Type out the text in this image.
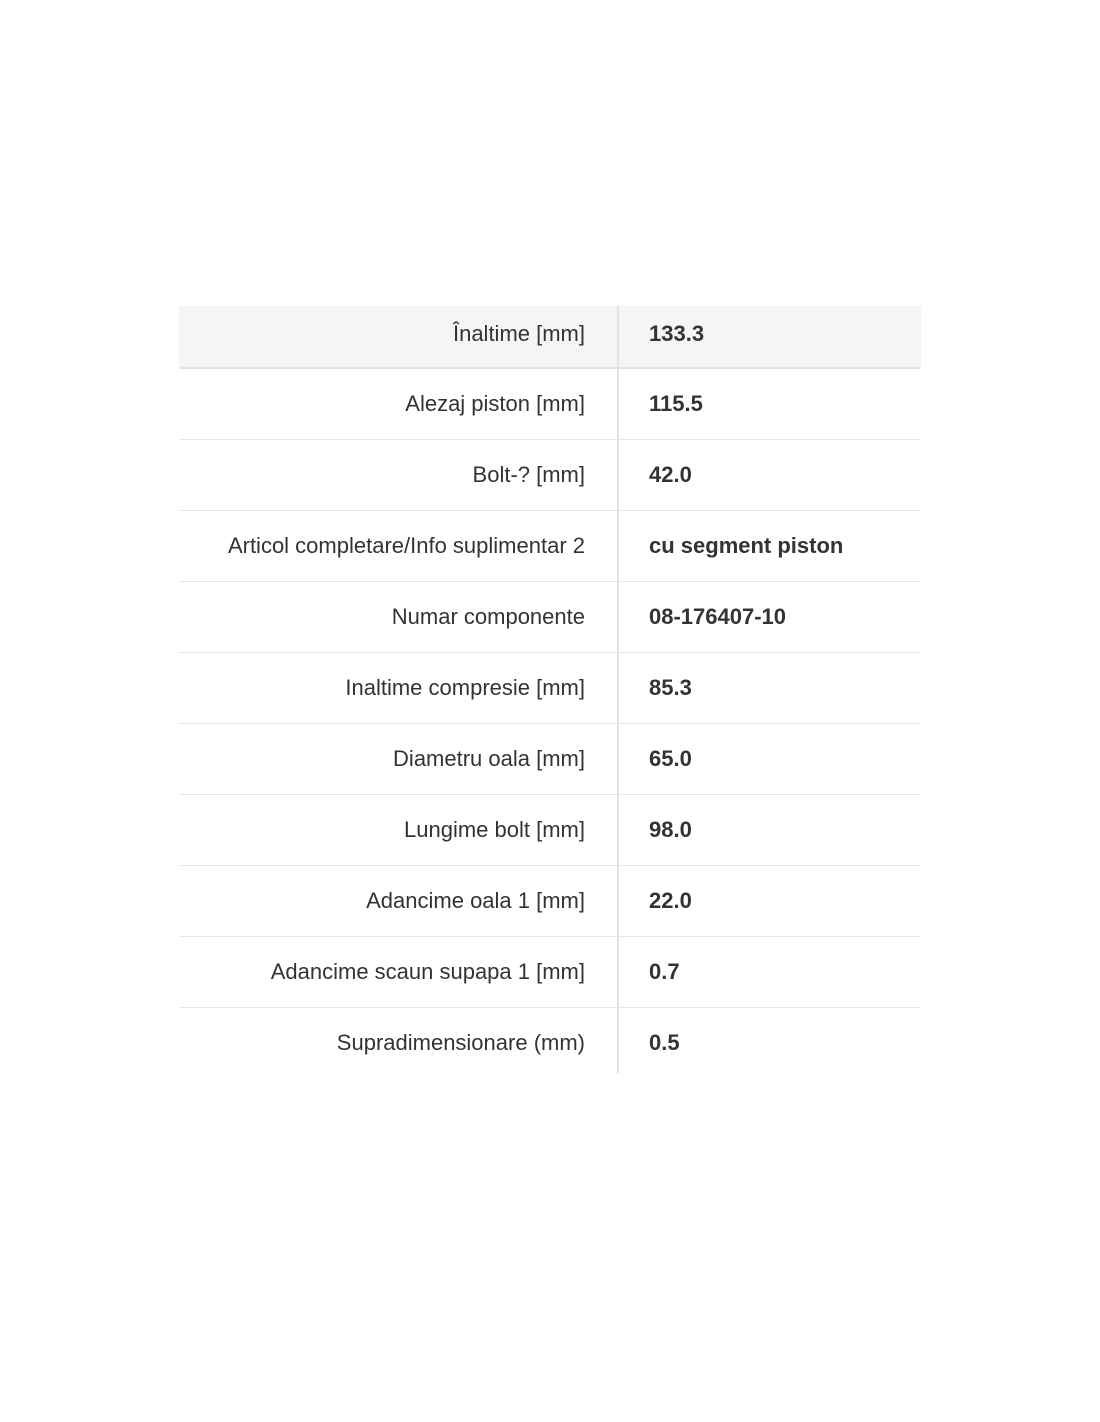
Înaltime [mm]	133.3
Alezaj piston [mm]	115.5
Bolt-? [mm]	42.0
Articol completare/Info suplimentar 2	cu segment piston
Numar componente	08-176407-10
Inaltime compresie [mm]	85.3
Diametru oala [mm]	65.0
Lungime bolt [mm]	98.0
Adancime oala 1 [mm]	22.0
Adancime scaun supapa 1 [mm]	0.7
Supradimensionare (mm)	0.5
